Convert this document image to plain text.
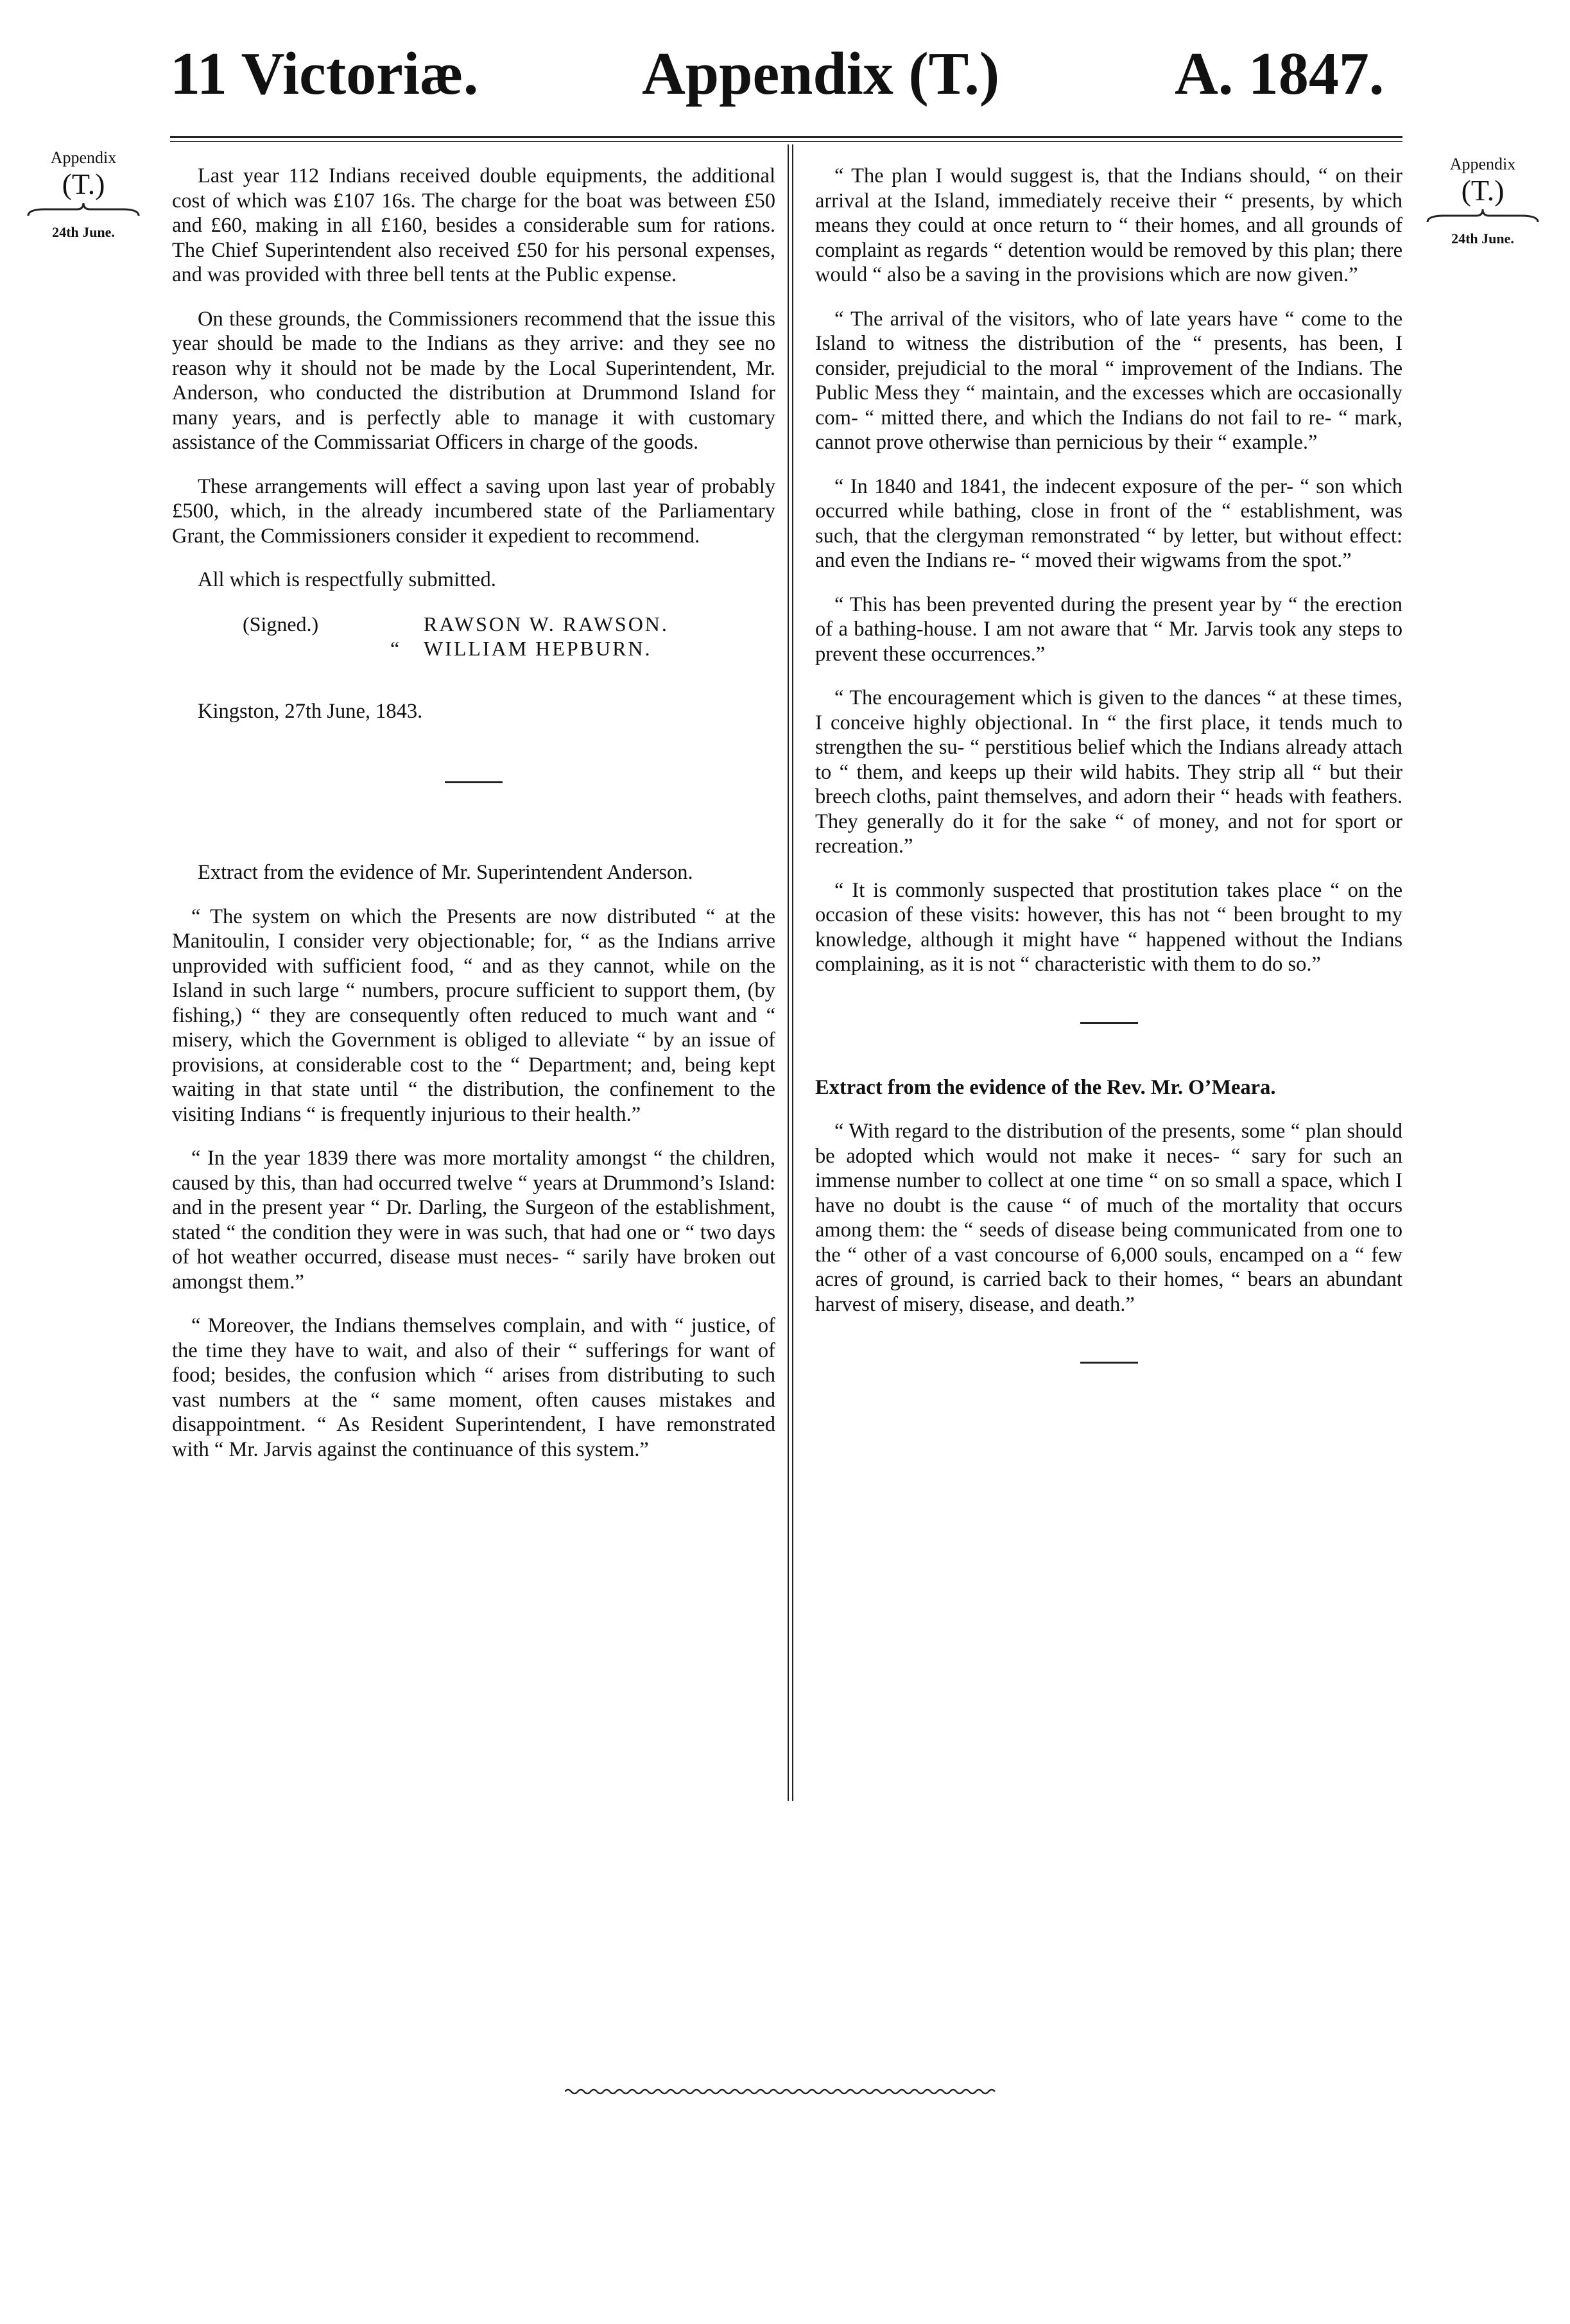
11 Victoriæ.	Appendix (T.)	A. 1847.
Appendix
(T.)
24th June.
Appendix
(T.)
24th June.

Last year 112 Indians received double equipments, the additional cost of which was £107 16s. The charge for the boat was between £50 and £60, making in all £160, besides a considerable sum for rations. The Chief Superintendent also received £50 for his personal expenses, and was provided with three bell tents at the Public expense.

On these grounds, the Commissioners recommend that the issue this year should be made to the Indians as they arrive: and they see no reason why it should not be made by the Local Superintendent, Mr. Anderson, who conducted the distribution at Drummond Island for many years, and is perfectly able to manage it with customary assistance of the Commissariat Officers in charge of the goods.

These arrangements will effect a saving upon last year of probably £500, which, in the already incumbered state of the Parliamentary Grant, the Commissioners consider it expedient to recommend.

All which is respectfully submitted.

(Signed.)	RAWSON W. RAWSON.
“ WILLIAM HEPBURN.

Kingston, 27th June, 1843.

Extract from the evidence of Mr. Superintendent Anderson.

“ The system on which the Presents are now distributed “ at the Manitoulin, I consider very objectionable; for, “ as the Indians arrive unprovided with sufficient food, “ and as they cannot, while on the Island in such large “ numbers, procure sufficient to support them, (by fishing,) “ they are consequently often reduced to much want and “ misery, which the Government is obliged to alleviate “ by an issue of provisions, at considerable cost to the “ Department; and, being kept waiting in that state until “ the distribution, the confinement to the visiting Indians “ is frequently injurious to their health.”

“ In the year 1839 there was more mortality amongst “ the children, caused by this, than had occurred twelve “ years at Drummond’s Island: and in the present year “ Dr. Darling, the Surgeon of the establishment, stated “ the condition they were in was such, that had one or “ two days of hot weather occurred, disease must neces- “ sarily have broken out amongst them.”

“ Moreover, the Indians themselves complain, and with “ justice, of the time they have to wait, and also of their “ sufferings for want of food; besides, the confusion which “ arises from distributing to such vast numbers at the “ same moment, often causes mistakes and disappointment. “ As Resident Superintendent, I have remonstrated with “ Mr. Jarvis against the continuance of this system.”

“ The plan I would suggest is, that the Indians should, “ on their arrival at the Island, immediately receive their “ presents, by which means they could at once return to “ their homes, and all grounds of complaint as regards “ detention would be removed by this plan; there would “ also be a saving in the provisions which are now given.”

“ The arrival of the visitors, who of late years have “ come to the Island to witness the distribution of the “ presents, has been, I consider, prejudicial to the moral “ improvement of the Indians. The Public Mess they “ maintain, and the excesses which are occasionally com- “ mitted there, and which the Indians do not fail to re- “ mark, cannot prove otherwise than pernicious by their “ example.”

“ In 1840 and 1841, the indecent exposure of the per- “ son which occurred while bathing, close in front of the “ establishment, was such, that the clergyman remonstrated “ by letter, but without effect: and even the Indians re- “ moved their wigwams from the spot.”

“ This has been prevented during the present year by “ the erection of a bathing-house. I am not aware that “ Mr. Jarvis took any steps to prevent these occurrences.”

“ The encouragement which is given to the dances “ at these times, I conceive highly objectional. In “ the first place, it tends much to strengthen the su- “ perstitious belief which the Indians already attach to “ them, and keeps up their wild habits. They strip all “ but their breech cloths, paint themselves, and adorn their “ heads with feathers. They generally do it for the sake “ of money, and not for sport or recreation.”

“ It is commonly suspected that prostitution takes place “ on the occasion of these visits: however, this has not “ been brought to my knowledge, although it might have “ happened without the Indians complaining, as it is not “ characteristic with them to do so.”

Extract from the evidence of the Rev. Mr. O’Meara.

“ With regard to the distribution of the presents, some “ plan should be adopted which would not make it neces- “ sary for such an immense number to collect at one time “ on so small a space, which I have no doubt is the cause “ of much of the mortality that occurs among them: the “ seeds of disease being communicated from one to the “ other of a vast concourse of 6,000 souls, encamped on a “ few acres of ground, is carried back to their homes, “ bears an abundant harvest of misery, disease, and death.”
